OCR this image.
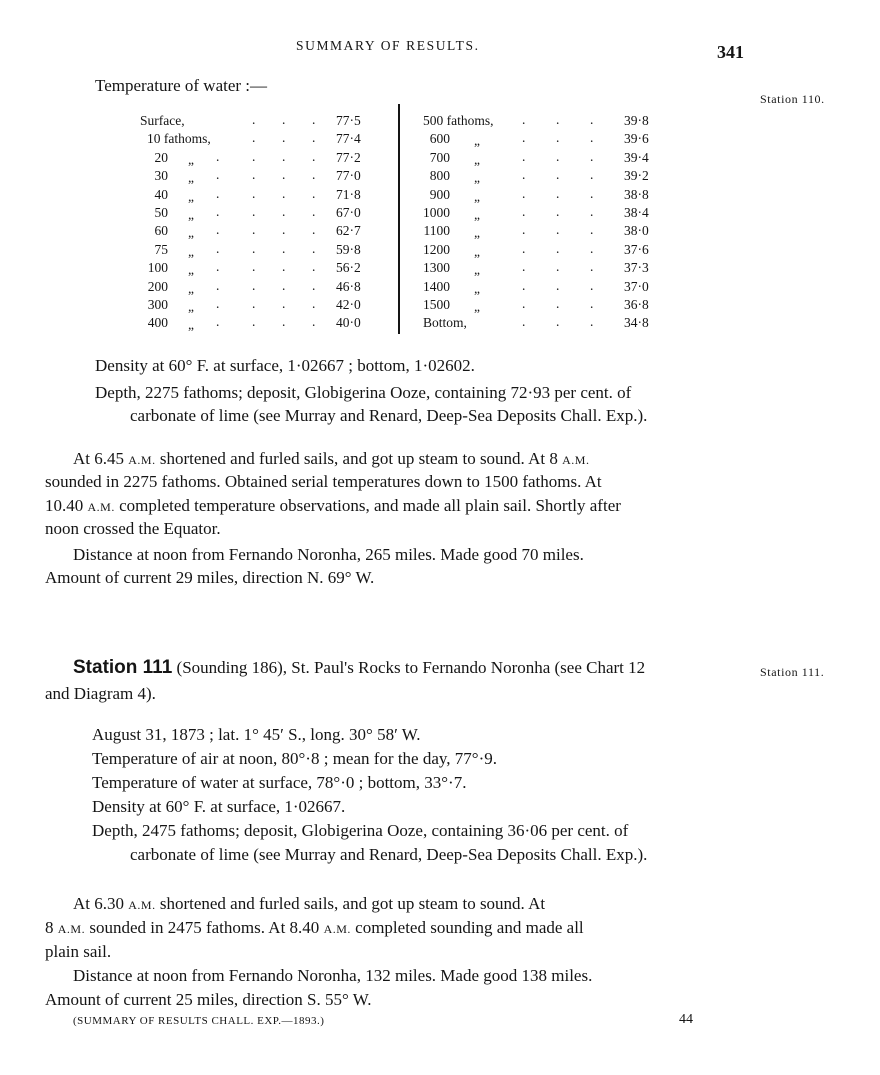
SUMMARY OF RESULTS.	341
Temperature of water :—
Station 110.
Surface,	. . . 77·5
10 fathoms,	. . . 77·4
20 „ . . . . 77·2
30 „ . . . . 77·0
40 „ . . . . 71·8
50 „ . . . . 67·0
60 „ . . . . 62·7
75 „ . . . . 59·8
100 „ . . . . 56·2
200 „ . . . . 46·8
300 „ . . . . 42·0
400 „ . . . . 40·0
500 fathoms, . . . 39·8
600 „	. . . 39·6
700 „	. . . 39·4
800 „	. . . 39·2
900 „	. . . 38·8
1000 „	. . . 38·4
1100 „	. . . 38·0
1200 „	. . . 37·6
1300 „	. . . 37·3
1400 „	. . . 37·0
1500 „	. . . 36·8
Bottom,	. . . 34·8
Density at 60° F. at surface, 1·02667 ; bottom, 1·02602.
Depth, 2275 fathoms; deposit, Globigerina Ooze, containing 72·93 per cent. of
carbonate of lime (see Murray and Renard, Deep-Sea Deposits Chall. Exp.).
At 6.45 A.M. shortened and furled sails, and got up steam to sound. At 8 A.M.
sounded in 2275 fathoms. Obtained serial temperatures down to 1500 fathoms. At
10.40 A.M. completed temperature observations, and made all plain sail. Shortly after
noon crossed the Equator.
Distance at noon from Fernando Noronha, 265 miles. Made good 70 miles.
Amount of current 29 miles, direction N. 69° W.
Station 111 (Sounding 186), St. Paul's Rocks to Fernando Noronha (see Chart 12	Station 111.
and Diagram 4).
August 31, 1873 ; lat. 1° 45′ S., long. 30° 58′ W.
Temperature of air at noon, 80°·8 ; mean for the day, 77°·9.
Temperature of water at surface, 78°·0 ; bottom, 33°·7.
Density at 60° F. at surface, 1·02667.
Depth, 2475 fathoms; deposit, Globigerina Ooze, containing 36·06 per cent. of
carbonate of lime (see Murray and Renard, Deep-Sea Deposits Chall. Exp.).
At 6.30 A.M. shortened and furled sails, and got up steam to sound. At
8 A.M. sounded in 2475 fathoms. At 8.40 A.M. completed sounding and made all
plain sail.
Distance at noon from Fernando Noronha, 132 miles. Made good 138 miles.
Amount of current 25 miles, direction S. 55° W.
(SUMMARY OF RESULTS CHALL. EXP.—1893.)	44
